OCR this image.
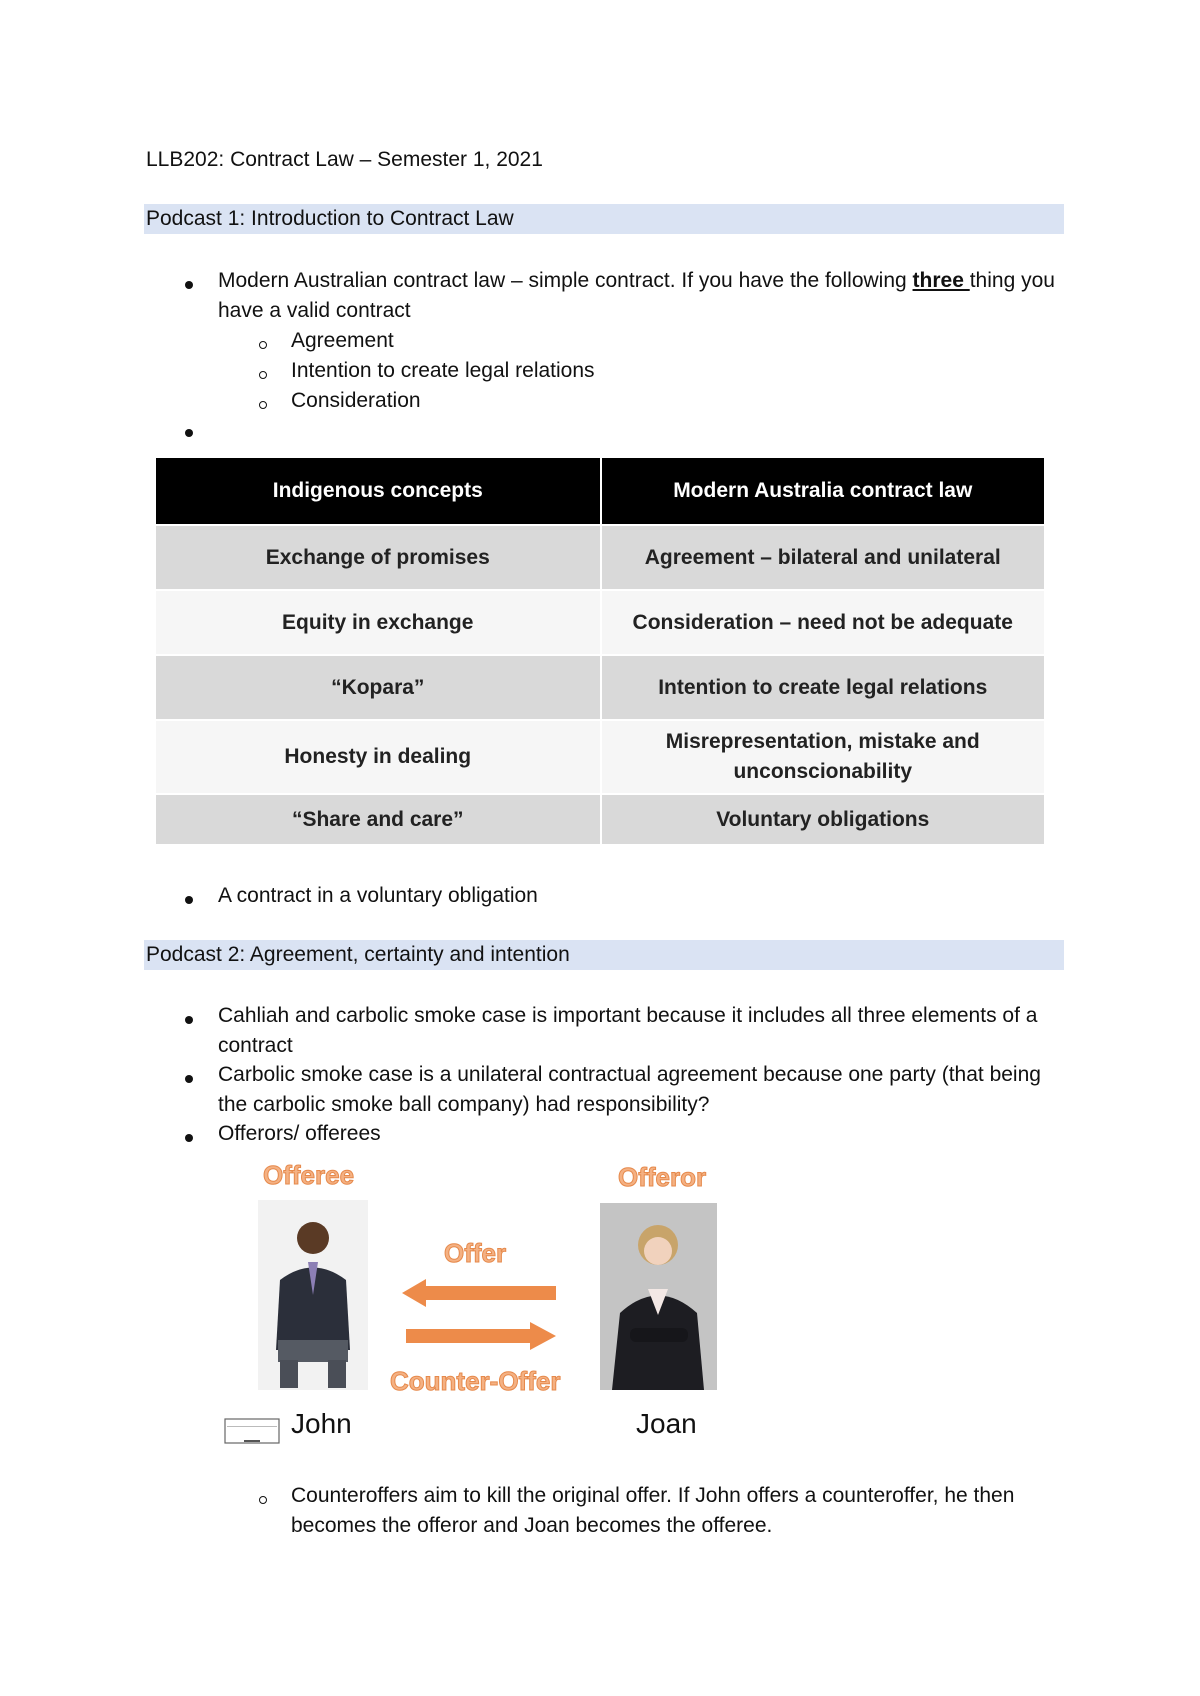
LLB202: Contract Law – Semester 1, 2021
Podcast 1: Introduction to Contract Law
Modern Australian contract law – simple contract. If you have the following three thing you have a valid contract
Agreement
Intention to create legal relations
Consideration
Indigenous concepts	Modern Australia contract law
Exchange of promises	Agreement – bilateral and unilateral
Equity in exchange	Consideration – need not be adequate
“Kopara”	Intention to create legal relations
Honesty in dealing	Misrepresentation, mistake and unconscionability
“Share and care”	Voluntary obligations
A contract in a voluntary obligation
Podcast 2: Agreement, certainty and intention
Cahliah and carbolic smoke case is important because it includes all three elements of a contract
Carbolic smoke case is a unilateral contractual agreement because one party (that being the carbolic smoke ball company) had responsibility?
Offerors/ offerees
Offeree	Offeror
Offer
Counter-Offer
John	Joan
Counteroffers aim to kill the original offer. If John offers a counteroffer, he then becomes the offeror and Joan becomes the offeree.
